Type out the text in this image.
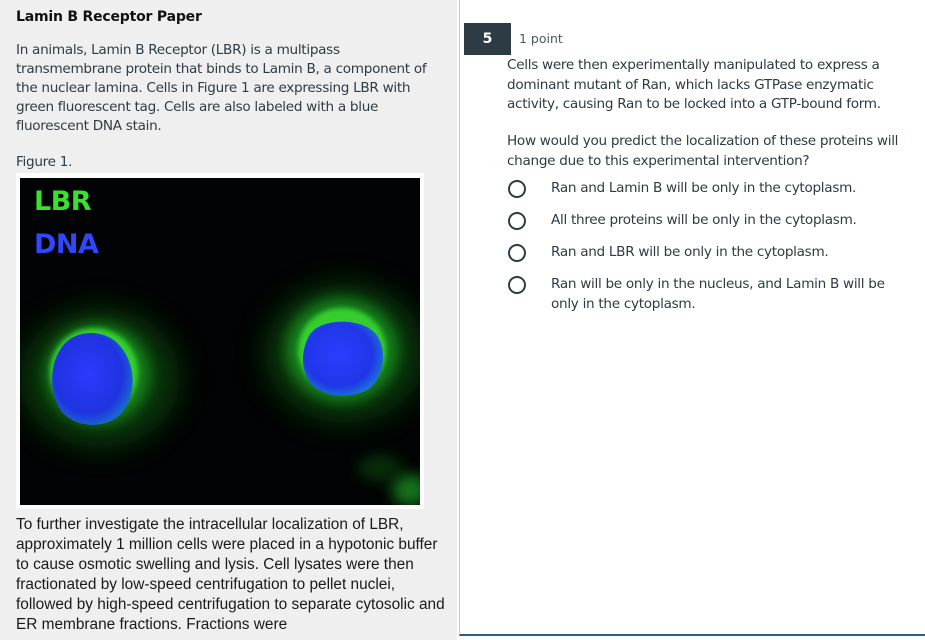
Lamin B Receptor Paper

In animals, Lamin B Receptor (LBR) is a multipass transmembrane protein that binds to Lamin B, a component of the nuclear lamina. Cells in Figure 1 are expressing LBR with green fluorescent tag. Cells are also labeled with a blue fluorescent DNA stain.

Figure 1.

LBR
DNA

To further investigate the intracellular localization of LBR, approximately 1 million cells were placed in a hypotonic buffer to cause osmotic swelling and lysis. Cell lysates were then fractionated by low-speed centrifugation to pellet nuclei, followed by high-speed centrifugation to separate cytosolic and ER membrane fractions. Fractions were

5	1 point

Cells were then experimentally manipulated to express a dominant mutant of Ran, which lacks GTPase enzymatic activity, causing Ran to be locked into a GTP-bound form.

How would you predict the localization of these proteins will change due to this experimental intervention?

Ran and Lamin B will be only in the cytoplasm.
All three proteins will be only in the cytoplasm.
Ran and LBR will be only in the cytoplasm.
Ran will be only in the nucleus, and Lamin B will be only in the cytoplasm.
